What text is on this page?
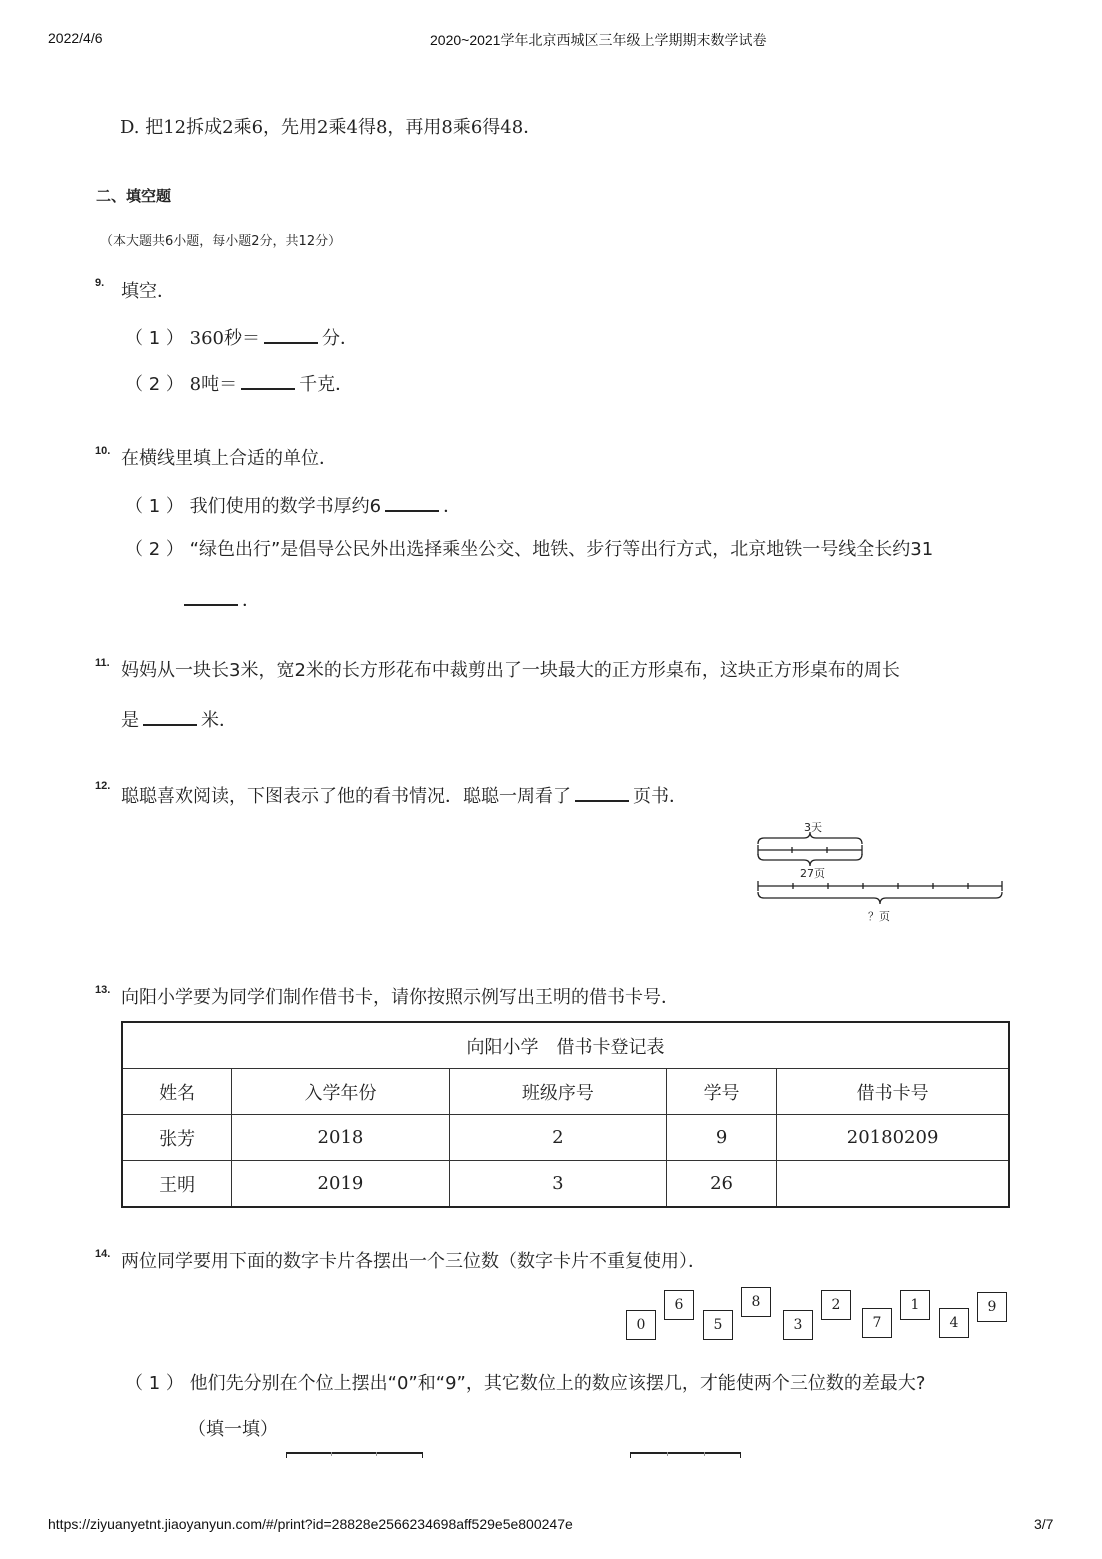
2022/4/6	2020~2021学年北京西城区三年级上学期期末数学试卷
D. 把12拆成2乘6，先用2乘4得8，再用8乘6得48．
二、填空题
（本大题共6小题，每小题2分，共12分）
9. 填空．
（ 1 ） 360秒＝	分．
（ 2 ） 8吨＝	千克．
10. 在横线里填上合适的单位．
（ 1 ） 我们使用的数学书厚约6	．
（ 2 ） “绿色出行”是倡导公民外出选择乘坐公交、地铁、步行等出行方式，北京地铁一号线全长约31
．
11. 妈妈从一块长3米，宽2米的长方形花布中裁剪出了一块最大的正方形桌布，这块正方形桌布的周长
是	米．
12. 聪聪喜欢阅读，下图表示了他的看书情况．聪聪一周看了	页书．
3天
27页
？页
13. 向阳小学要为同学们制作借书卡，请你按照示例写出王明的借书卡号．
向阳小学　借书卡登记表				
姓名	入学年份	班级序号	学号	借书卡号
张芳	2018	2	9	20180209
王明	2019	3	26	
14. 两位同学要用下面的数字卡片各摆出一个三位数（数字卡片不重复使用）．
0
6
5
8
3
2
7
1
4
9
（ 1 ） 他们先分别在个位上摆出“0”和“9”，其它数位上的数应该摆几，才能使两个三位数的差最大?
（填一填）
https://ziyuanyetnt.jiaoyanyun.com/#/print?id=28828e2566234698aff529e5e800247e	3/7
